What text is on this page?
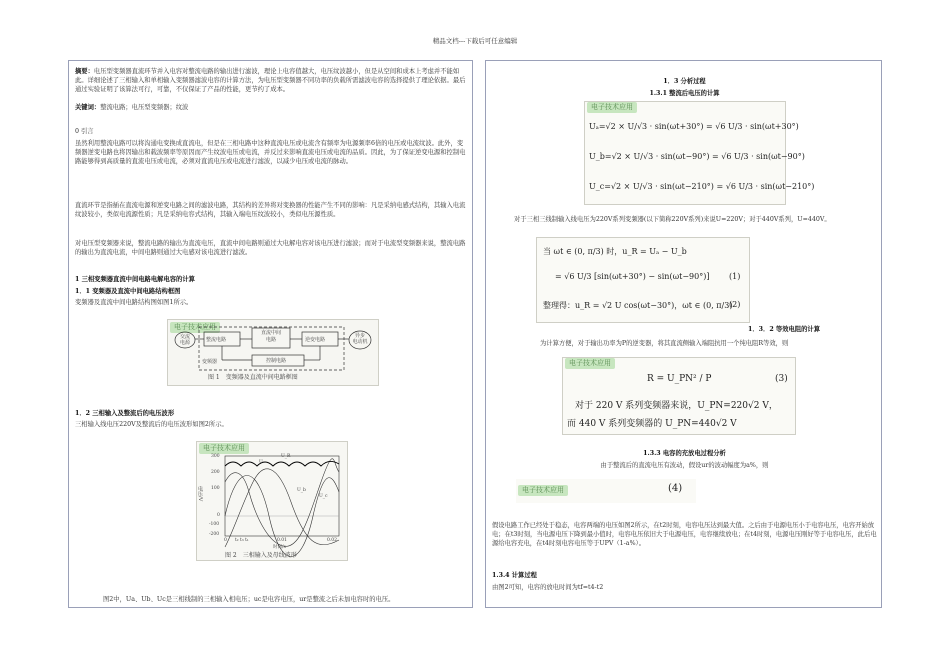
精品文档---下载后可任意编辑

摘要：电压型变频器直流环节并入电容对整流电路的输出进行滤波，理论上电容值越大，电压纹波越小，但是从空间和成本上考虑并不能如此。详细论述了三相输入和单相输入变频器滤波电容的计算方法，为电压型变频器不同功率的负载所需滤波电容的选择提供了理论依据。最后通过实验证明了该算法可行，可靠，不仅保证了产品的性能，更节约了成本。

关键词：整流电路；电压型变频器；纹波

0 引言

虽然利用整流电路可以将沟通电变换成直流电，但是在三相电路中这种直流电压或电流含有频率为电源频率6倍的电压或电流纹波。此外，变频器逆变电路也将因输出和载波频率等原因而产生纹波电压或电流，并反过来影响直流电压或电流的品质。因此，为了保证逆变电源和控制电路能够得到高质量的直流电压或电流，必须对直流电压或电流进行滤波，以减少电压或电流的脉动。

直流环节是指插在直流电源和逆变电路之间的滤波电路，其结构的差异将对变换器的性能产生不同的影响：凡是采纳电感式结构，其输入电流纹波较小，类似电流源性质；凡是采纳电容式结构，其输入端电压纹波较小，类似电压源性质。

对电压型变频器来说，整流电路的输出为直流电压，直流中间电路则通过大电解电容对该电压进行滤波；而对于电流型变频器来说，整流电路的输出为直流电流，中间电路则通过大电感对该电流进行滤波。

1 三相变频器直流中间电路电解电容的计算

1．1 变频器及直流中间电路结构框图

变频器及直流中间电路结构图如图1所示。

电子技术应用
交流
电源	整流电路
直流中间
电路	逆变电路
异步
电动机
变频器	控制电路
图 1　变频器及直流中间电路框图

1．2 三相输入及整流后的电压波形

三相输入线电压220V及整流后的电压波形如图2所示。

电子技术应用
电压/V
300
200
100
0
-100
-200
0 t₂ t₃ t₁	0.01	0.02
时间/s
Uₐ
U_b
U_c
U_R
图 2　三相输入及母线波形

图2中，Ua、Ub、Uc是三相线制的三相输入相电压；uc是电容电压，ur是整流之后未加电容时的电压。

1．3 分析过程

1.3.1 整流后电压的计算

电子技术应用
Uₐ=√2 × U/√3 · sin(ωt+30°) = √6 U/3 · sin(ωt+30°)
U_b=√2 × U/√3 · sin(ωt−90°) = √6 U/3 · sin(ωt−90°)
U_c=√2 × U/√3 · sin(ωt−210°) = √6 U/3 · sin(ωt−210°)

对于三相三线制输入线电压为220V系列变频器(以下简称220V系列)来说U=220V；对于440V系列，U=440V。

当 ωt ∈ (0, π/3) 时，u_R = Uₐ − U_b
= √6 U/3 [sin(ωt+30°) − sin(ωt−90°)] (1)
整理得：u_R = √2 U cos(ωt−30°)，ωt ∈ (0, π/3)
(2)

1．3．2 等效电阻的计算

为计算方便，对于输出功率为P的逆变器，将其直流侧输入端阻抗用一个纯电阻R等效，则

电子技术应用
R = U_PN² / P	(3)
对于 220 V 系列变频器来说，U_PN=220√2 V，
而 440 V 系列变频器的 U_PN=440√2 V

1.3.3 电容的充放电过程分析

由于整流后的直流电压有波动，假设ur的波动幅度为a%，则

电子技术应用	(4)

假设电路工作已经处于稳态，电容两端的电压如图2所示，在t2时刻，电容电压达到最大值。之后由于电源电压小于电容电压，电容开始放电；在t3时刻，当电源电压下降到最小值时，电容电压依旧大于电源电压，电容继续放电；在t4时刻，电源电压刚好等于电容电压，此后电源给电容充电，在t4时刻电容电压等于UPV（1-a%）。

1.3.4 计算过程

由图2可知，电容的放电时间为tf=t4-t2
